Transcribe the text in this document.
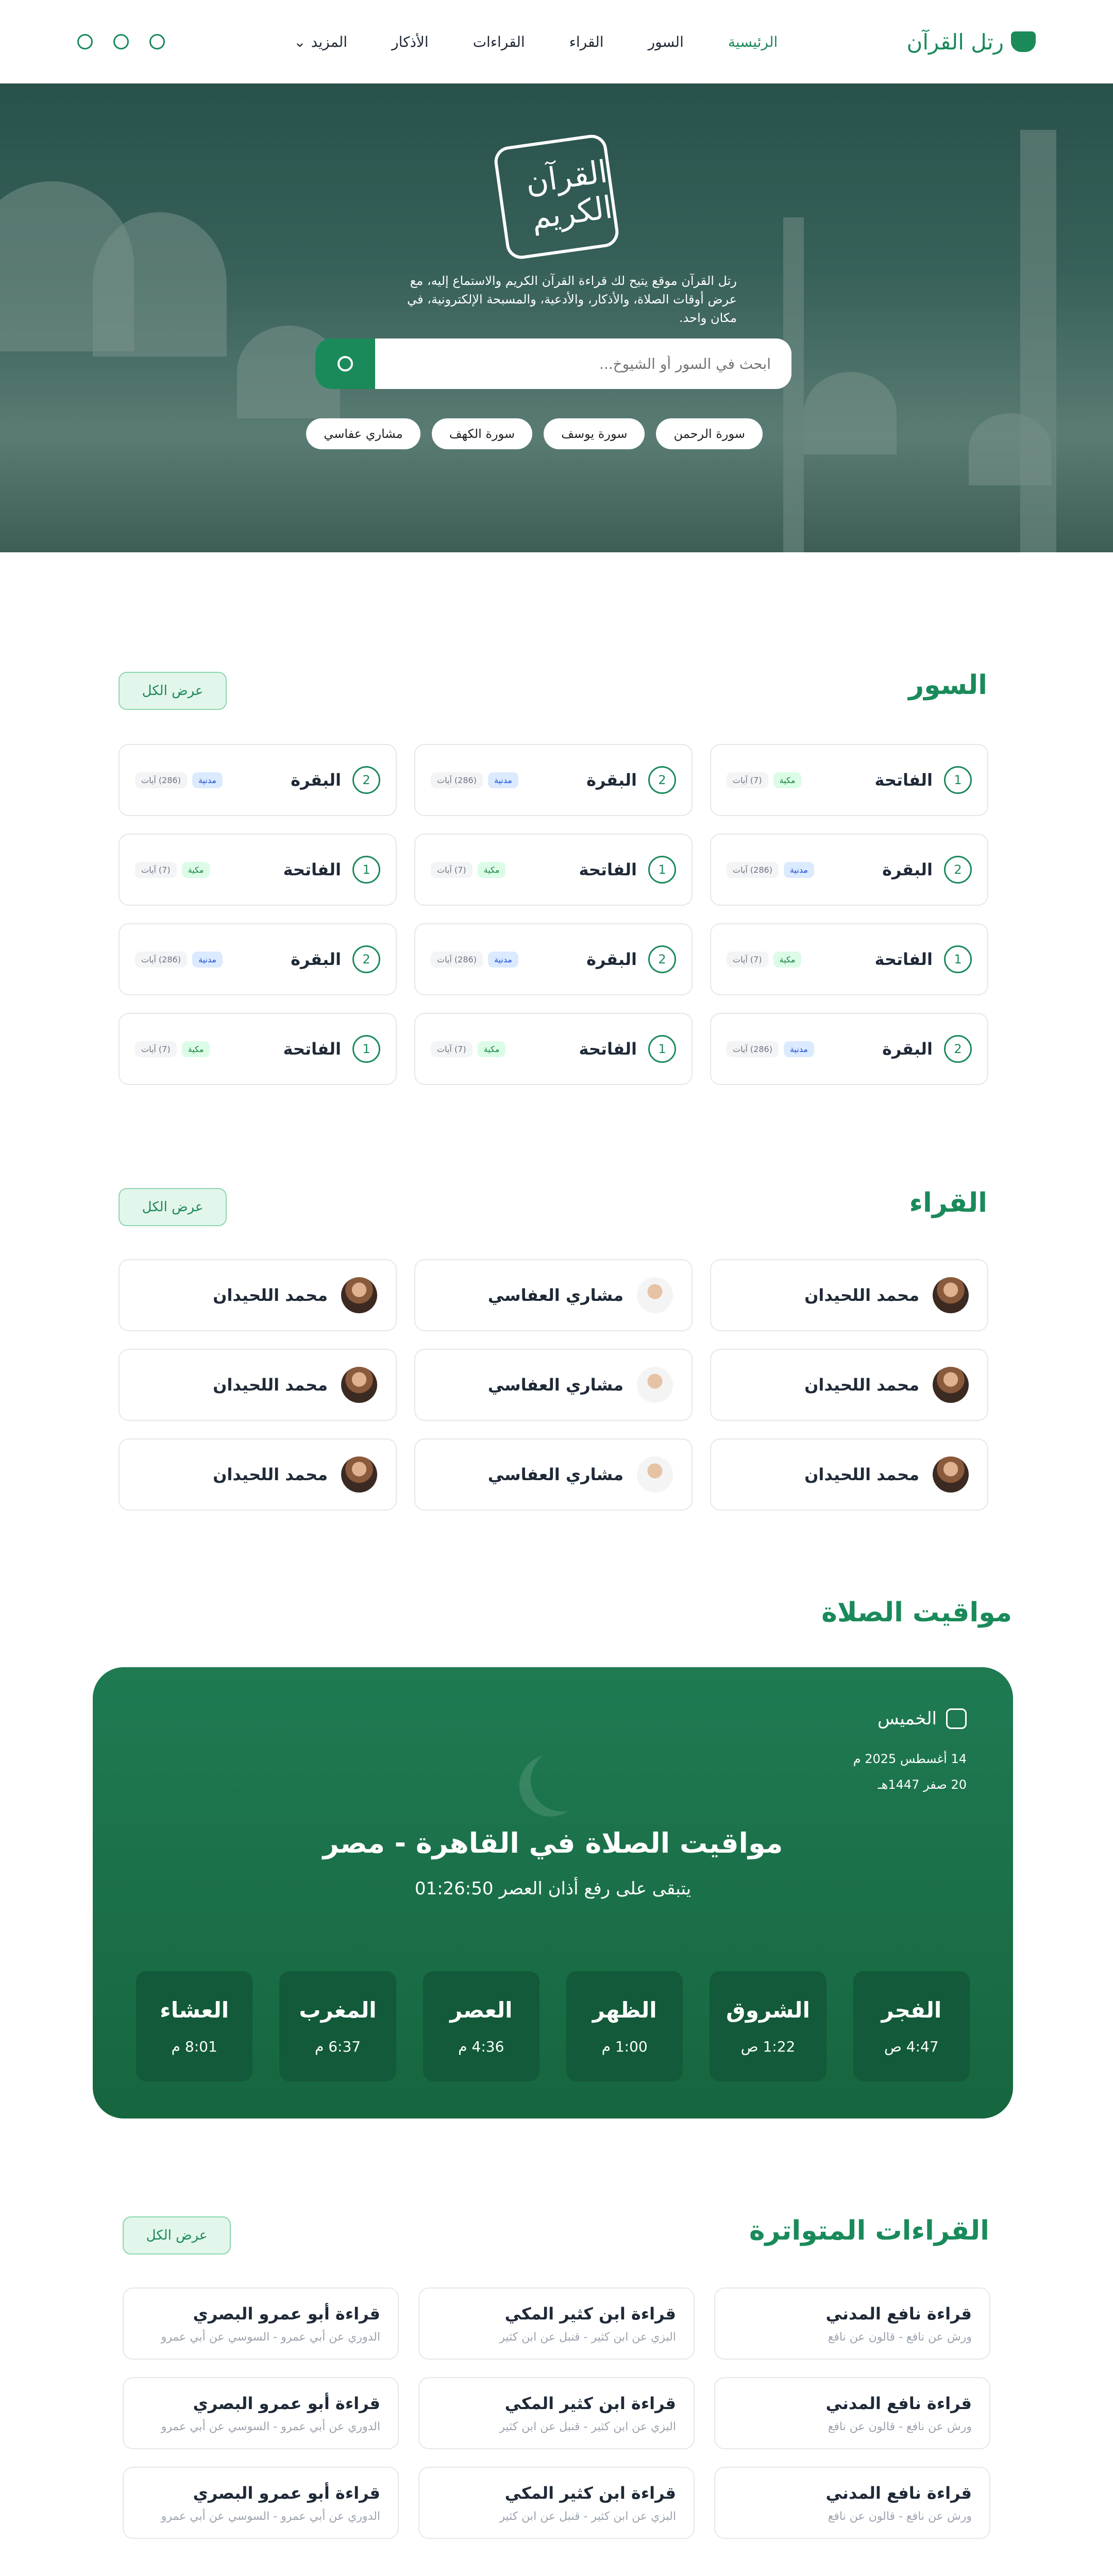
رتل القرآن
الرئيسية
السور
القراء
القراءات
الأذكار
المزيد
⌄
القرآن الكريم

رتل القرآن موقع يتيح لك قراءة القرآن الكريم والاستماع إليه، مع عرض أوقات الصلاة، والأذكار، والأدعية، والمسبحة الإلكترونية، في مكان واحد.

ابحث في السور أو الشيوخ...
سورة الرحمن
سورة يوسف
سورة الكهف
مشاري عفاسي
السور
عرض الكل
1
الفاتحة
مكية
(7) آيات
2
البقرة
مدنية
(286) آيات
2
البقرة
مدنية
(286) آيات
2
البقرة
مدنية
(286) آيات
1
الفاتحة
مكية
(7) آيات
1
الفاتحة
مكية
(7) آيات
1
الفاتحة
مكية
(7) آيات
2
البقرة
مدنية
(286) آيات
2
البقرة
مدنية
(286) آيات
2
البقرة
مدنية
(286) آيات
1
الفاتحة
مكية
(7) آيات
1
الفاتحة
مكية
(7) آيات
القراء
عرض الكل
محمد اللحيدان
مشاري العفاسي
محمد اللحيدان
محمد اللحيدان
مشاري العفاسي
محمد اللحيدان
محمد اللحيدان
مشاري العفاسي
محمد اللحيدان
مواقيت الصلاة
الخميس
14 أغسطس 2025 م
20 صفر 1447هـ
مواقيت الصلاة في القاهرة - مصر
يتبقى على رفع أذان العصر 01:26:50
الفجر
4:47 ص
الشروق
1:22 ص
الظهر
1:00 م
العصر
4:36 م
المغرب
6:37 م
العشاء
8:01 م
القراءات المتواترة
عرض الكل
قراءة نافع المدني
ورش عن نافع - قالون عن نافع
قراءة ابن كثير المكي
البزي عن ابن كثير - قنبل عن ابن كثير
قراءة أبو عمرو البصري
الدوري عن أبي عمرو - السوسي عن أبي عمرو
قراءة نافع المدني
ورش عن نافع - قالون عن نافع
قراءة ابن كثير المكي
البزي عن ابن كثير - قنبل عن ابن كثير
قراءة أبو عمرو البصري
الدوري عن أبي عمرو - السوسي عن أبي عمرو
قراءة نافع المدني
ورش عن نافع - قالون عن نافع
قراءة ابن كثير المكي
البزي عن ابن كثير - قنبل عن ابن كثير
قراءة أبو عمرو البصري
الدوري عن أبي عمرو - السوسي عن أبي عمرو
